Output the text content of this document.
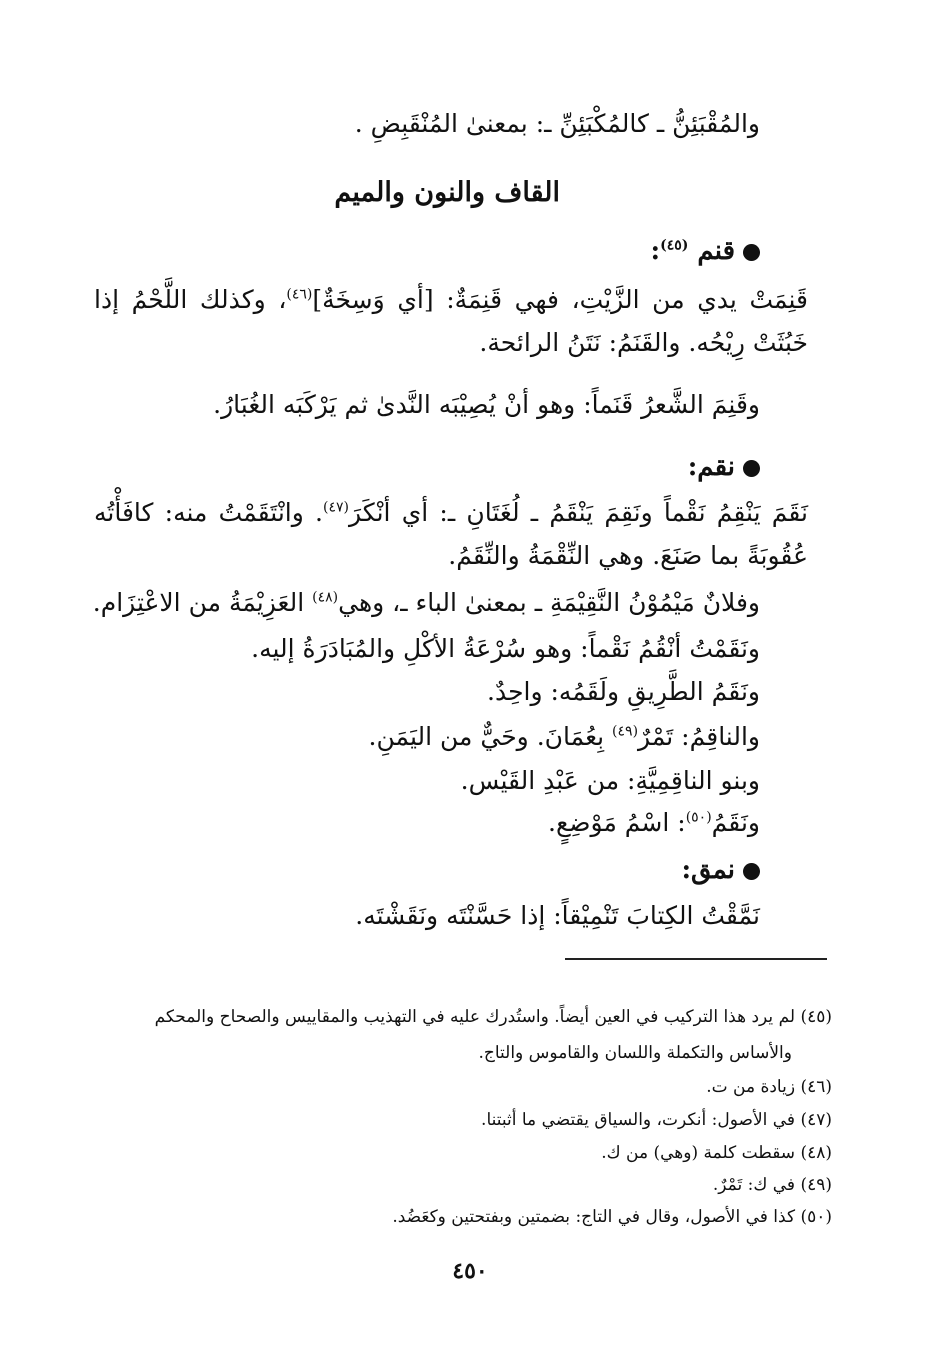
والمُقْبَئِنُّ ـ كالمُكْبَئِنِّ ـ: بمعنىٰ المُنْقَبِضِ .
القاف والنون والميم
قنم $^{(٤٥)}$:
قَنِمَتْ يدي من الزَّيْتِ، فهي قَنِمَةٌ: [أي وَسِخَةٌ]$^{(٤٦)}$، وكذلك اللَّحْمُ إذا
خَبُثَتْ رِيْحُه. والقَنَمُ: نَتَنُ الرائحة.
وقَنِمَ الشَّعرُ قَنَماً: وهو أنْ يُصِيْبَه النَّدىٰ ثم يَرْكَبَه الغُبَارُ.
نقم:
نَقَمَ يَنْقِمُ نَقْماً ونَقِمَ يَنْقَمُ ـ لُغَتَانِ ـ: أي أنْكَرَ$^{(٤٧)}$. وانْتَقَمْتُ منه: كافَأْتُه
عُقُوبَةً بما صَنَعَ. وهي النِّقْمَةُ والنِّقَمُ.
وفلانٌ مَيْمُوْنُ النَّقِيْمَةِ ـ بمعنىٰ الباء ـ، وهي$^{(٤٨)}$ العَزِيْمَةُ من الاعْتِزَام.
ونَقَمْتُ أنْقُمُ نَقْماً: وهو سُرْعَةُ الأكْلِ والمُبَادَرَةُ إليه.
ونَقَمُ الطَّرِيقِ ولَقَمُه: واحِدٌ.
والناقِمُ: تَمْرٌ$^{(٤٩)}$ بِعُمَانَ. وحَيٌّ من اليَمَنِ.
وبنو الناقِمِيَّةِ: من عَبْدِ القَيْس.
ونَقَمُ$^{(٥٠)}$: اسْمُ مَوْضِعٍ.
نمق:
نَمَّقْتُ الكِتابَ تَنْمِيْقاً: إذا حَسَّنْتَه ونَقَشْتَه.
(٤٥) لم يرد هذا التركيب في العين أيضاً. واستُدرك عليه في التهذيب والمقاييس والصحاح والمحكم
والأساس والتكملة واللسان والقاموس والتاج.
(٤٦) زيادة من ت.
(٤٧) في الأصول: أنكرت، والسياق يقتضي ما أثبتنا.
(٤٨) سقطت كلمة (وهي) من ك.
(٤٩) في ك: تَمْرٌ.
(٥٠) كذا في الأصول، وقال في التاج: بضمتين وبفتحتين وكعَضُد.
٤٥٠
